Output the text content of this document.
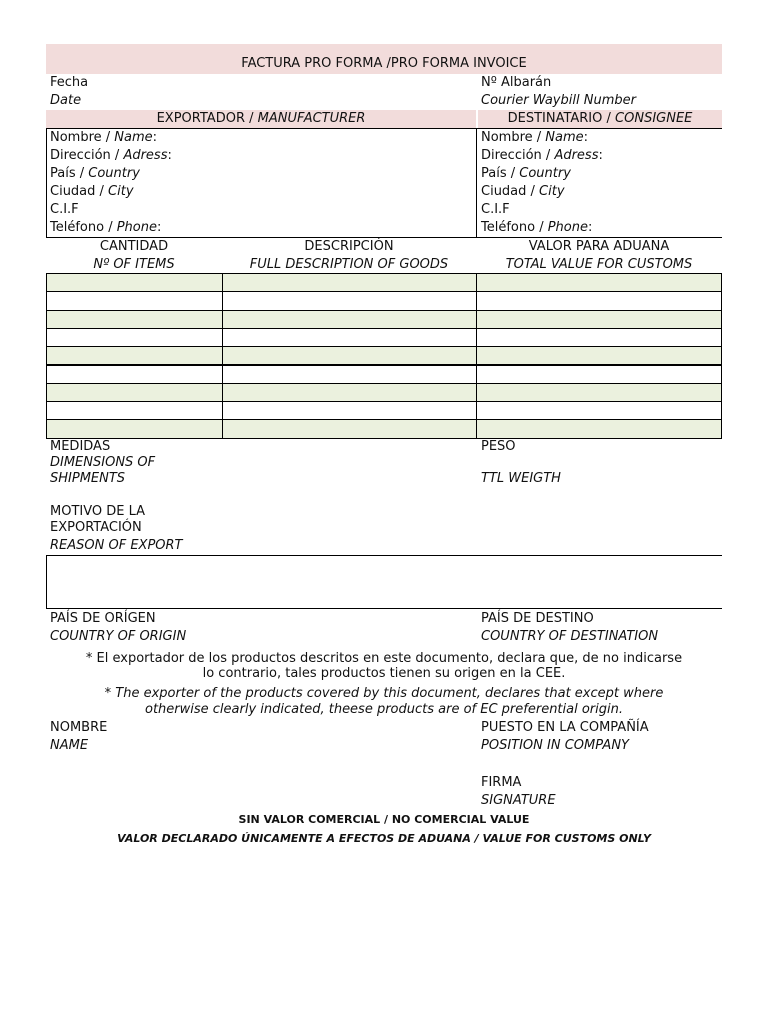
FACTURA PRO FORMA /PRO FORMA INVOICE
Fecha
Date
Nº Albarán
Courier Waybill Number
EXPORTADOR / MANUFACTURER	DESTINATARIO / CONSIGNEE
Nombre / Name:
Dirección / Adress:
País / Country
Ciudad / City
C.I.F
Teléfono / Phone:
Nombre / Name:
Dirección / Adress:
País / Country
Ciudad / City
C.I.F
Teléfono / Phone:
CANTIDAD
Nº OF ITEMS
DESCRIPCIÓN
FULL DESCRIPTION OF GOODS
VALOR PARA ADUANA
TOTAL VALUE FOR CUSTOMS
MEDIDAS
DIMENSIONS OF
SHIPMENTS
PESO
TTL WEIGTH
MOTIVO DE LA
EXPORTACIÓN
REASON OF EXPORT
PAÍS DE ORÍGEN
COUNTRY OF ORIGIN
PAÍS DE DESTINO
COUNTRY OF DESTINATION
* El exportador de los productos descritos en este documento, declara que, de no indicarse
lo contrario, tales productos tienen su origen en la CEE.
* The exporter of the products covered by this document, declares that except where
otherwise clearly indicated, theese products are of EC preferential origin.
NOMBRE
NAME
PUESTO EN LA COMPAÑÍA
POSITION IN COMPANY
FIRMA
SIGNATURE
SIN VALOR COMERCIAL / NO COMERCIAL VALUE
VALOR DECLARADO ÚNICAMENTE A EFECTOS DE ADUANA / VALUE FOR CUSTOMS ONLY
